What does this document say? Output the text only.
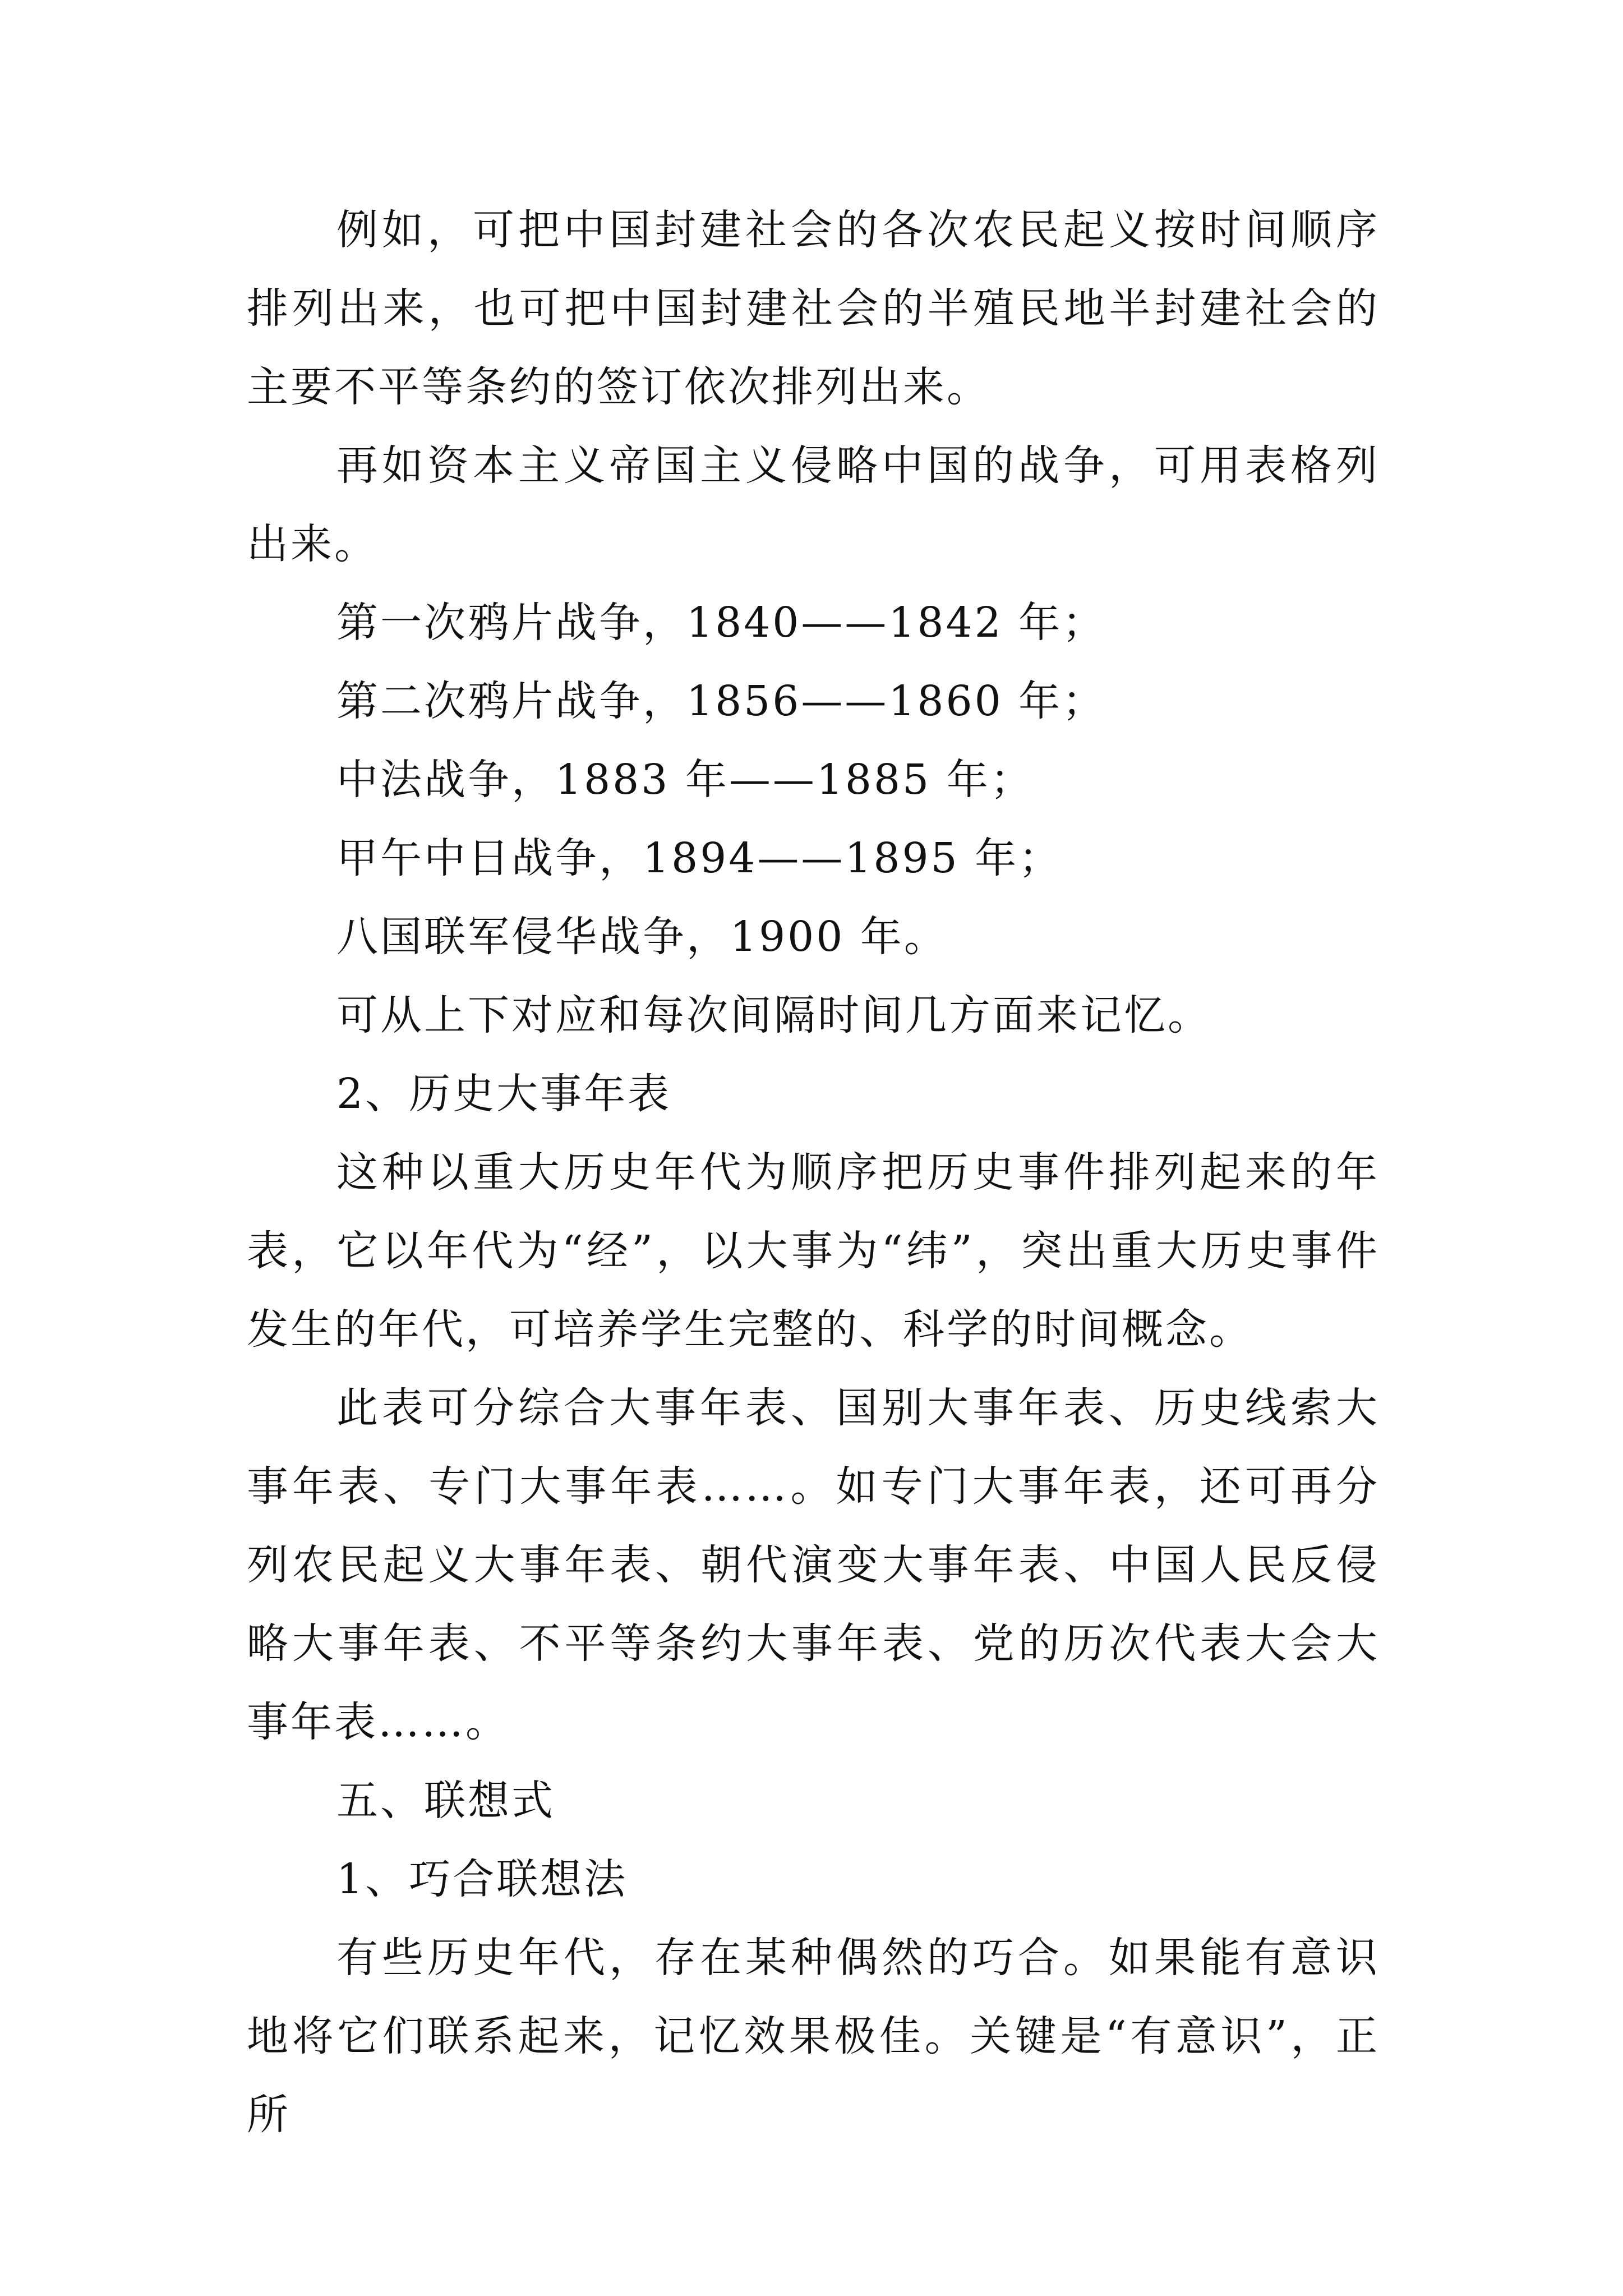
例如，可把中国封建社会的各次农民起义按时间顺序排列出来，也可把中国封建社会的半殖民地半封建社会的主要不平等条约的签订依次排列出来。

再如资本主义帝国主义侵略中国的战争，可用表格列出来。

第一次鸦片战争，1840——1842 年；

第二次鸦片战争，1856——1860 年；

中法战争，1883 年——1885 年；

甲午中日战争，1894——1895 年；

八国联军侵华战争，1900 年。

可从上下对应和每次间隔时间几方面来记忆。

2、历史大事年表

这种以重大历史年代为顺序把历史事件排列起来的年表，它以年代为“经”，以大事为“纬”，突出重大历史事件发生的年代，可培养学生完整的、科学的时间概念。

此表可分综合大事年表、国别大事年表、历史线索大事年表、专门大事年表……。如专门大事年表，还可再分列农民起义大事年表、朝代演变大事年表、中国人民反侵略大事年表、不平等条约大事年表、党的历次代表大会大事年表……。

五、联想式

1、巧合联想法

有些历史年代，存在某种偶然的巧合。如果能有意识地将它们联系起来，记忆效果极佳。关键是“有意识”，正所
